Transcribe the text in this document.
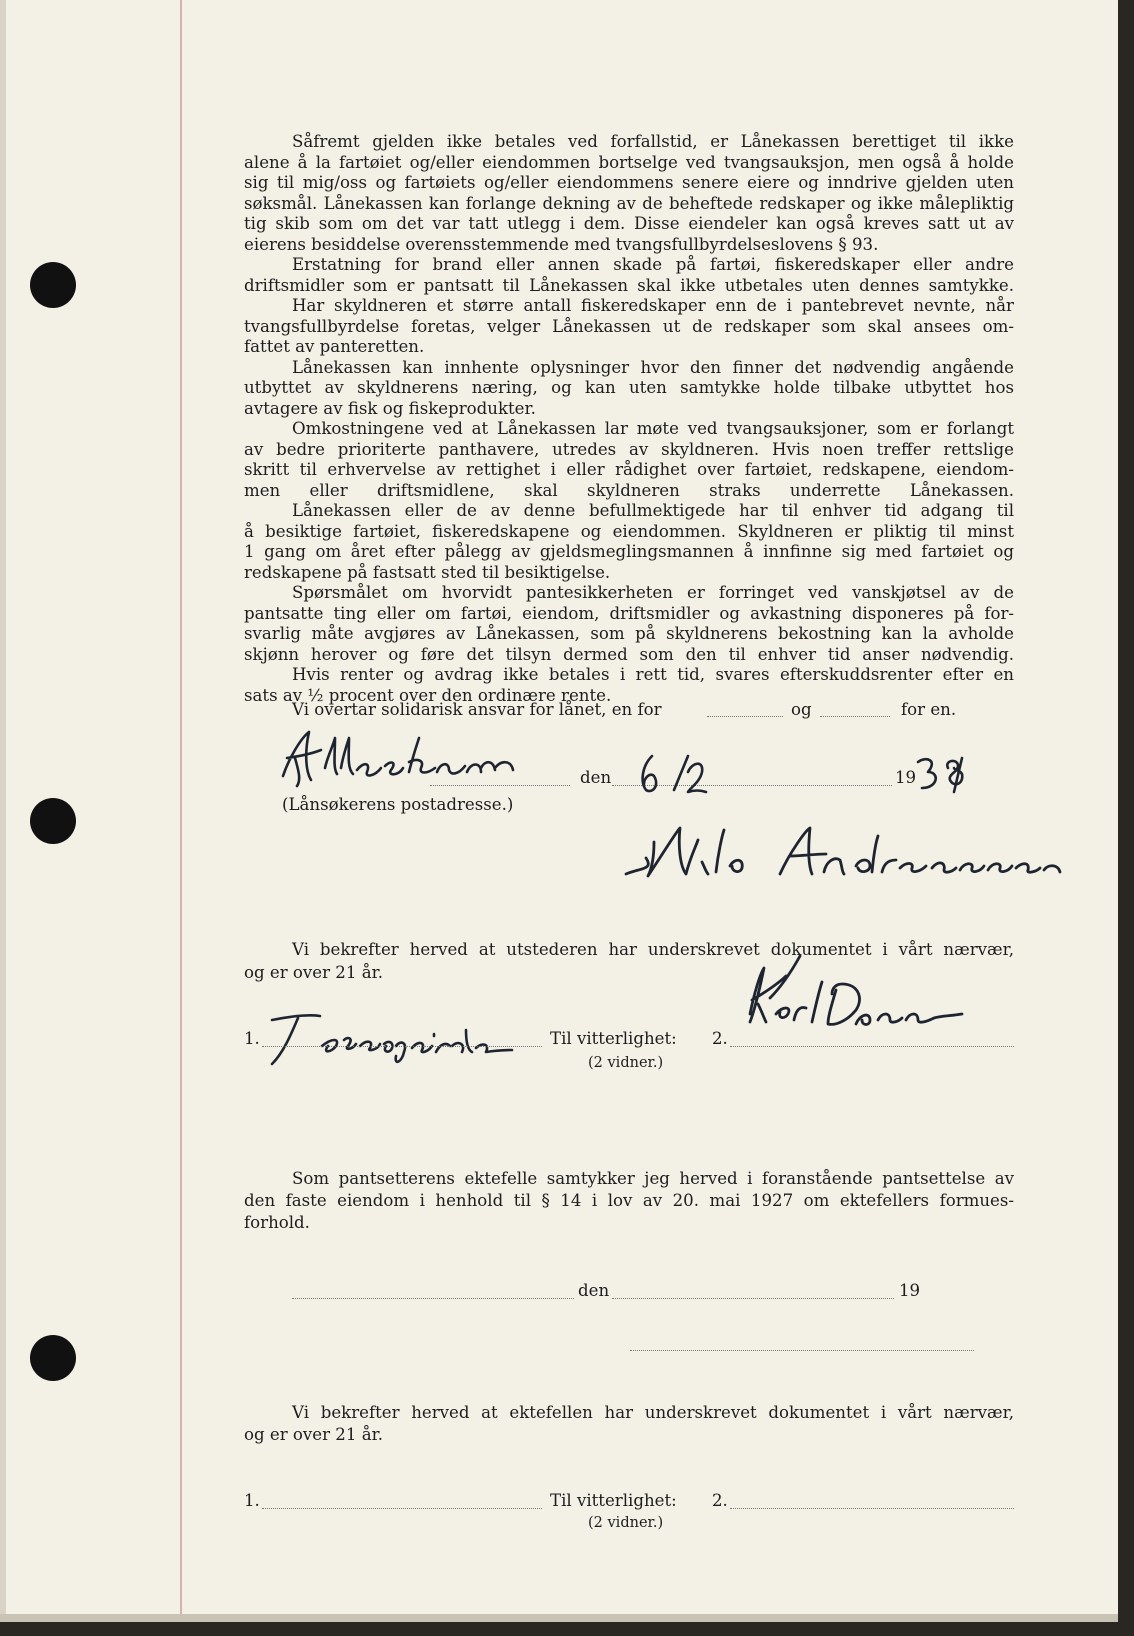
Såfremt gjelden ikke betales ved forfallstid, er Lånekassen berettiget til ikke
alene å la fartøiet og/eller eiendommen bortselge ved tvangsauksjon, men også å holde
sig til mig/oss og fartøiets og/eller eiendommens senere eiere og inndrive gjelden uten
søksmål. Lånekassen kan forlange dekning av de beheftede redskaper og ikke målepliktig
tig skib som om det var tatt utlegg i dem. Disse eiendeler kan også kreves satt ut av
eierens besiddelse overensstemmende med tvangsfullbyrdelseslovens § 93.
Erstatning for brand eller annen skade på fartøi, fiskeredskaper eller andre
driftsmidler som er pantsatt til Lånekassen skal ikke utbetales uten dennes samtykke.
Har skyldneren et større antall fiskeredskaper enn de i pantebrevet nevnte, når
tvangsfullbyrdelse foretas, velger Lånekassen ut de redskaper som skal ansees om-
fattet av panteretten.
Lånekassen kan innhente oplysninger hvor den finner det nødvendig angående
utbyttet av skyldnerens næring, og kan uten samtykke holde tilbake utbyttet hos
avtagere av fisk og fiskeprodukter.
Omkostningene ved at Lånekassen lar møte ved tvangsauksjoner, som er forlangt
av bedre prioriterte panthavere, utredes av skyldneren. Hvis noen treffer rettslige
skritt til erhvervelse av rettighet i eller rådighet over fartøiet, redskapene, eiendom-
men eller driftsmidlene, skal skyldneren straks underrette Lånekassen.
Lånekassen eller de av denne befullmektigede har til enhver tid adgang til
å besiktige fartøiet, fiskeredskapene og eiendommen. Skyldneren er pliktig til minst
1 gang om året efter pålegg av gjeldsmeglingsmannen å innfinne sig med fartøiet og
redskapene på fastsatt sted til besiktigelse.
Spørsmålet om hvorvidt pantesikkerheten er forringet ved vanskjøtsel av de
pantsatte ting eller om fartøi, eiendom, driftsmidler og avkastning disponeres på for-
svarlig måte avgjøres av Lånekassen, som på skyldnerens bekostning kan la avholde
skjønn herover og føre det tilsyn dermed som den til enhver tid anser nødvendig.
Hvis renter og avdrag ikke betales i rett tid, svares efterskuddsrenter efter en
sats av ½ procent over den ordinære rente.
Vi overtar solidarisk ansvar for lånet, en for	og	for en.
den	19
(Lånsøkerens postadresse.)
Vi bekrefter herved at utstederen har underskrevet dokumentet i vårt nærvær,
og er over 21 år.
1.	Til vitterlighet: 2.
(2 vidner.)
Som pantsetterens ektefelle samtykker jeg herved i foranstående pantsettelse av
den faste eiendom i henhold til § 14 i lov av 20. mai 1927 om ektefellers formues-
forhold.
den	19
Vi bekrefter herved at ektefellen har underskrevet dokumentet i vårt nærvær,
og er over 21 år.
1.	Til vitterlighet: 2.
(2 vidner.)
